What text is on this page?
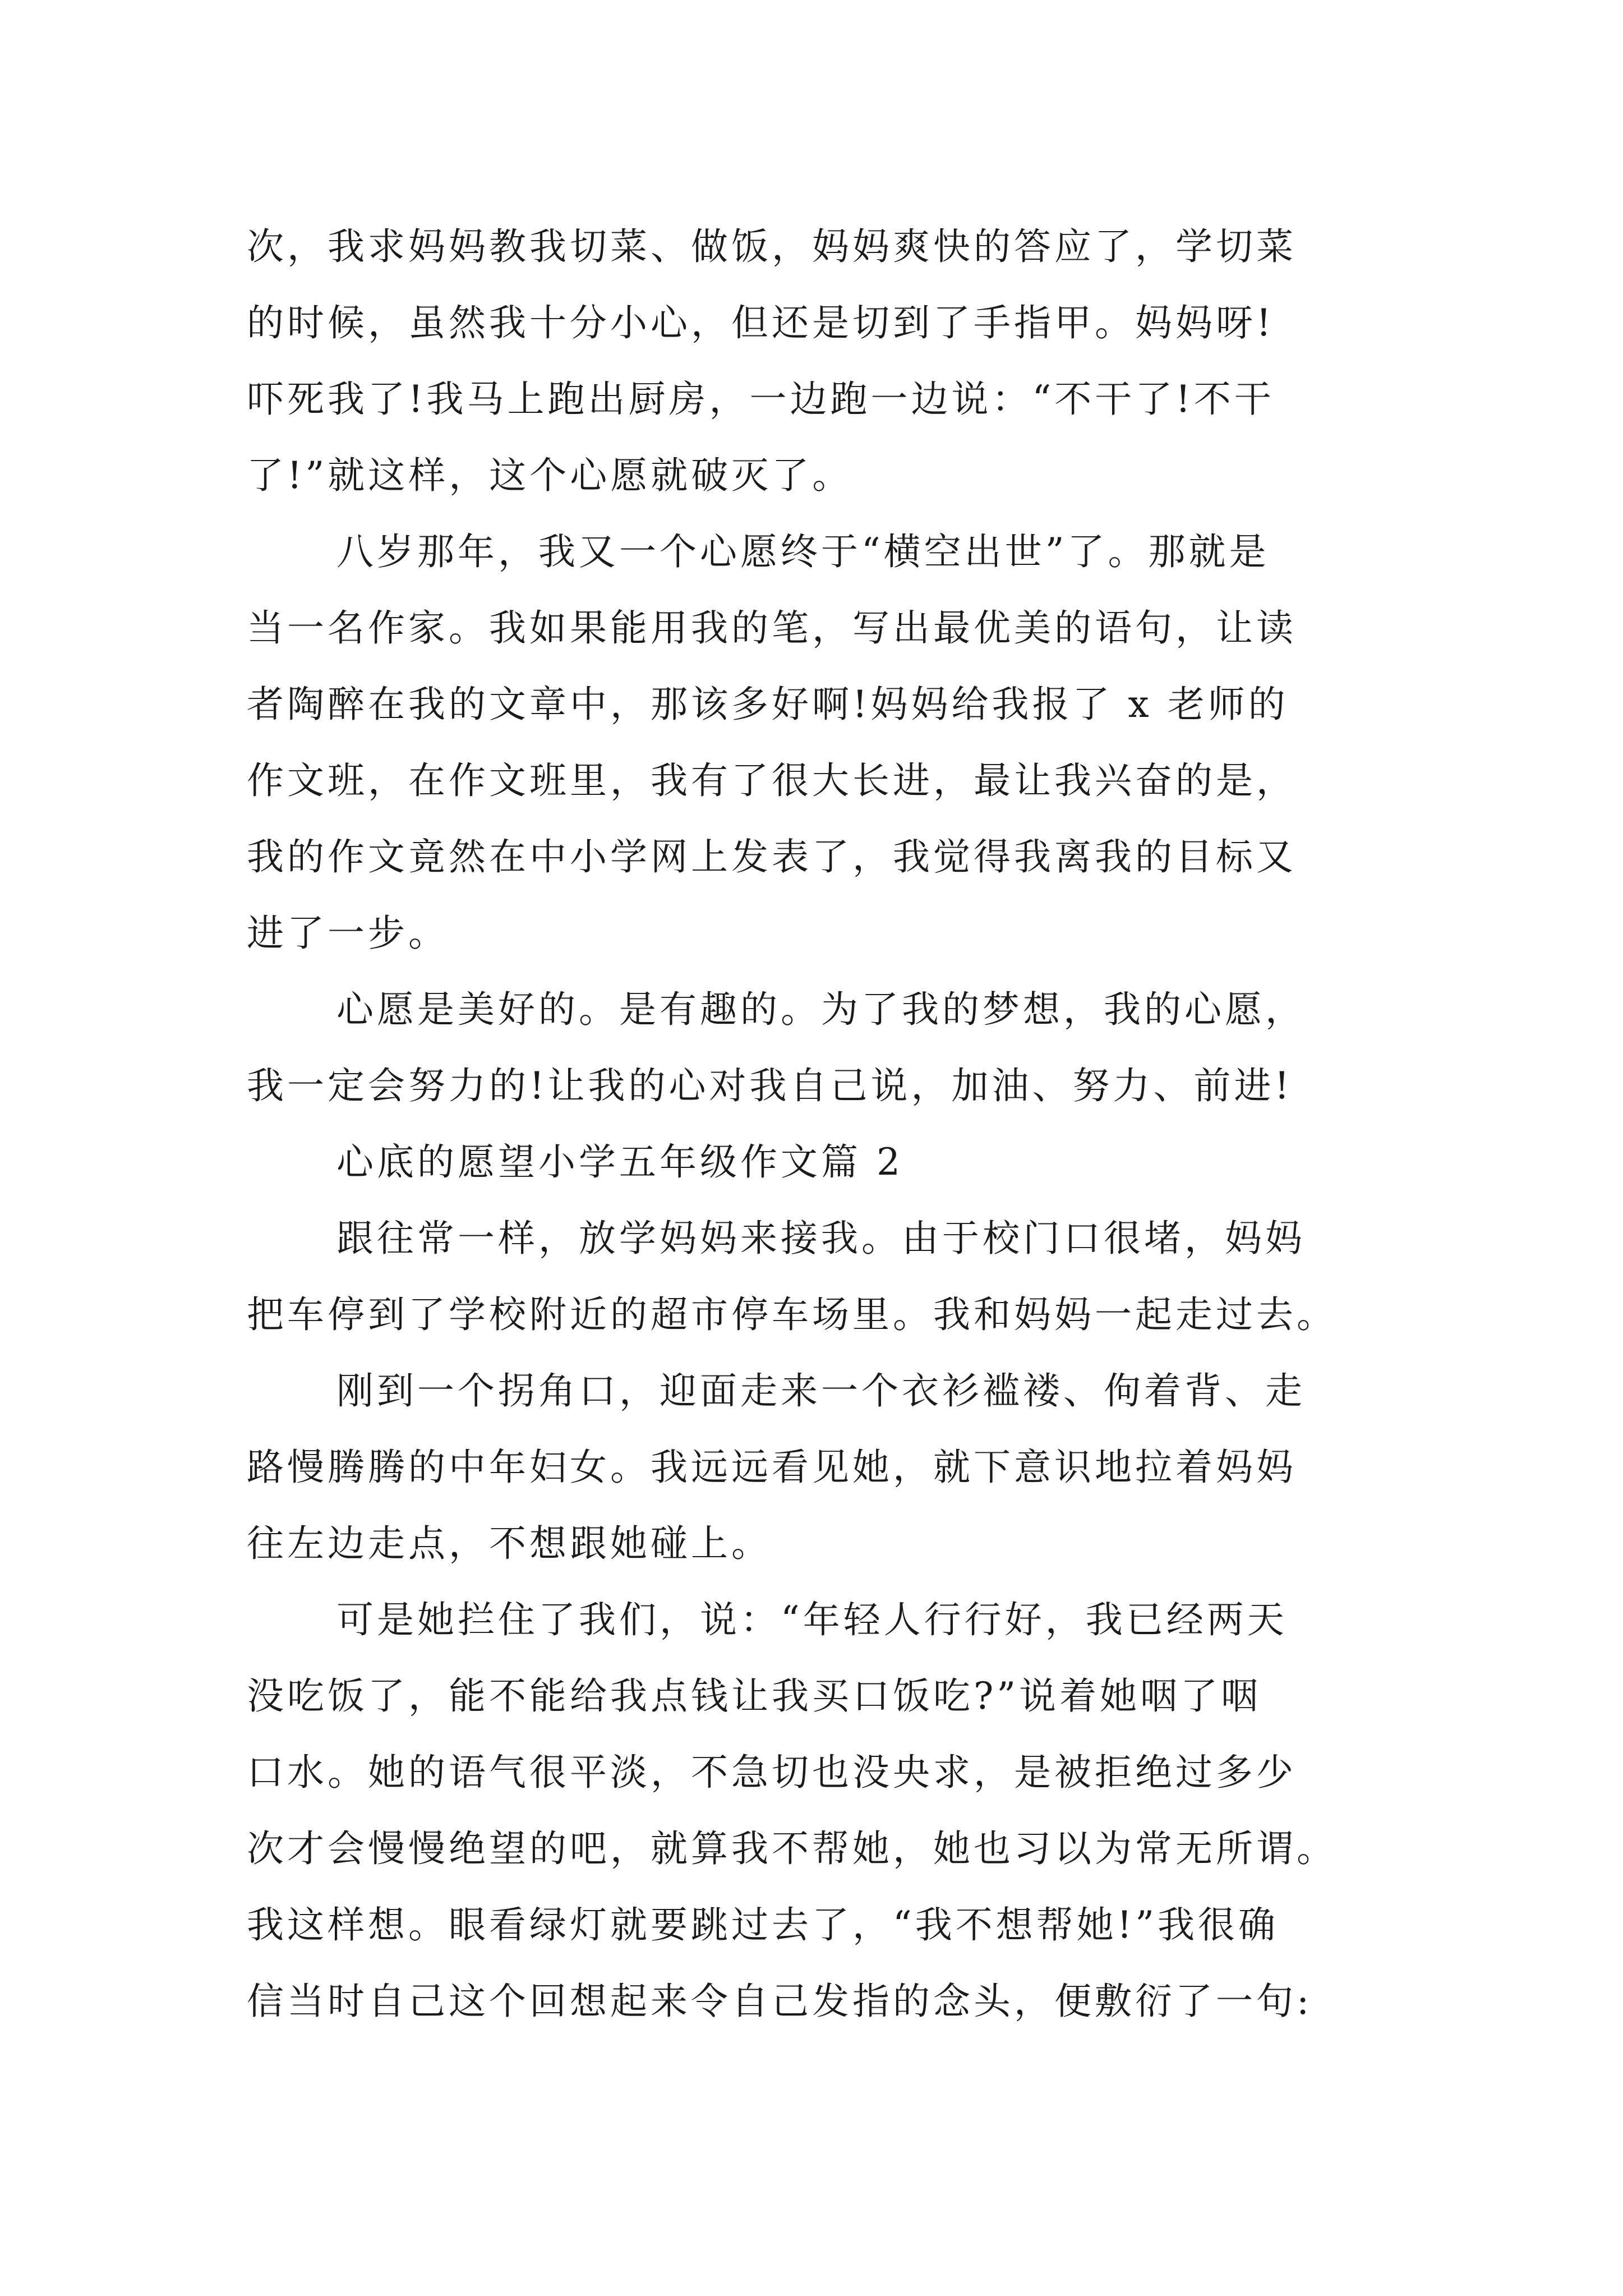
次，我求妈妈教我切菜、做饭，妈妈爽快的答应了，学切菜
的时候，虽然我十分小心，但还是切到了手指甲。妈妈呀!
吓死我了!我马上跑出厨房，一边跑一边说：“不干了!不干
了!”就这样，这个心愿就破灭了。
八岁那年，我又一个心愿终于“横空出世”了。那就是
当一名作家。我如果能用我的笔，写出最优美的语句，让读
者陶醉在我的文章中，那该多好啊!妈妈给我报了 x 老师的
作文班，在作文班里，我有了很大长进，最让我兴奋的是，
我的作文竟然在中小学网上发表了，我觉得我离我的目标又
进了一步。
心愿是美好的。是有趣的。为了我的梦想，我的心愿，
我一定会努力的!让我的心对我自己说，加油、努力、前进!
心底的愿望小学五年级作文篇 2
跟往常一样，放学妈妈来接我。由于校门口很堵，妈妈
把车停到了学校附近的超市停车场里。我和妈妈一起走过去。
刚到一个拐角口，迎面走来一个衣衫褴褛、佝着背、走
路慢腾腾的中年妇女。我远远看见她，就下意识地拉着妈妈
往左边走点，不想跟她碰上。
可是她拦住了我们，说：“年轻人行行好，我已经两天
没吃饭了，能不能给我点钱让我买口饭吃?”说着她咽了咽
口水。她的语气很平淡，不急切也没央求，是被拒绝过多少
次才会慢慢绝望的吧，就算我不帮她，她也习以为常无所谓。
我这样想。眼看绿灯就要跳过去了，“我不想帮她!”我很确
信当时自己这个回想起来令自己发指的念头，便敷衍了一句:
